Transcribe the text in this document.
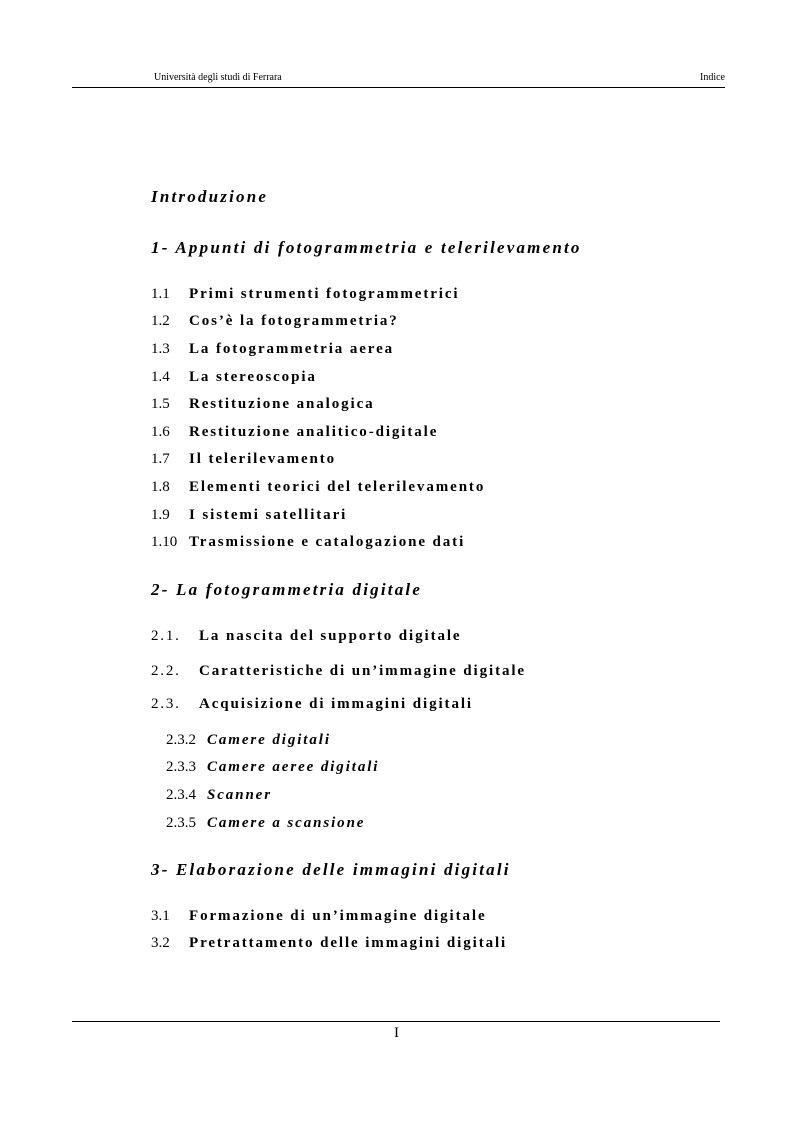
Università degli studi di Ferrara	Indice
Introduzione
1- Appunti di fotogrammetria e telerilevamento
1.1 Primi strumenti fotogrammetrici
1.2 Cos’è la fotogrammetria?
1.3 La fotogrammetria aerea
1.4 La stereoscopia
1.5 Restituzione analogica
1.6 Restituzione analitico-digitale
1.7 Il telerilevamento
1.8 Elementi teorici del telerilevamento
1.9 I sistemi satellitari
1.10 Trasmissione e catalogazione dati
2- La fotogrammetria digitale
2.1. La nascita del supporto digitale
2.2. Caratteristiche di un’immagine digitale
2.3. Acquisizione di immagini digitali
2.3.2 Camere digitali
2.3.3 Camere aeree digitali
2.3.4 Scanner
2.3.5 Camere a scansione
3- Elaborazione delle immagini digitali
3.1 Formazione di un’immagine digitale
3.2 Pretrattamento delle immagini digitali
I
